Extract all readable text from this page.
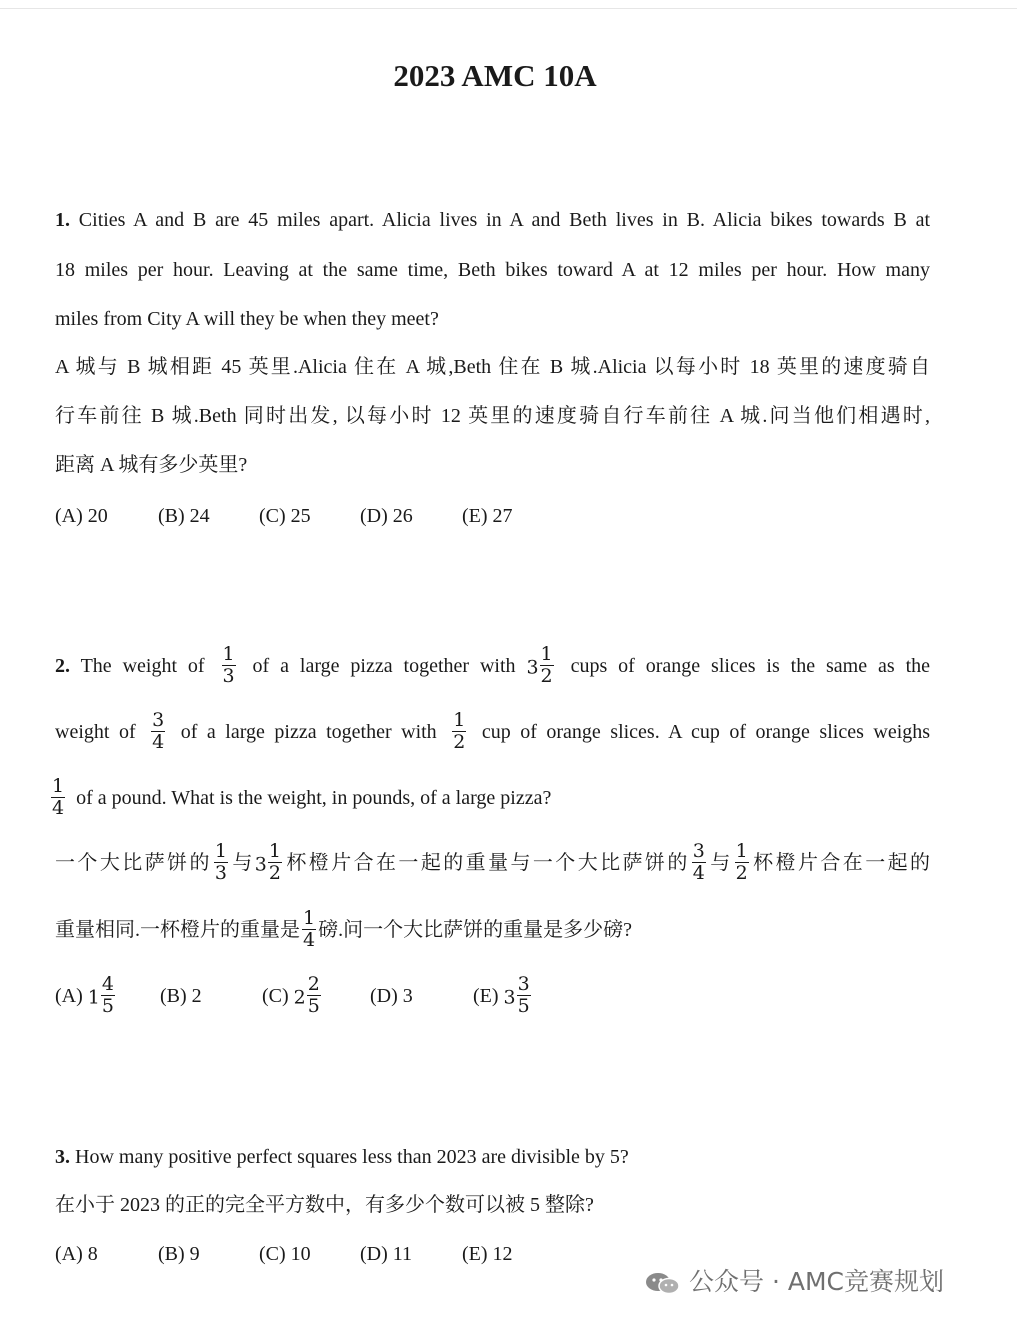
2023 AMC 10A
1. Cities A and B are 45 miles apart. Alicia lives in A and Beth lives in B. Alicia bikes towards B at
18 miles per hour. Leaving at the same time, Beth bikes toward A at 12 miles per hour. How many
miles from City A will they be when they meet?
A 城与 B 城相距 45 英里.Alicia 住在 A 城,Beth 住在 B 城.Alicia 以每小时 18 英里的速度骑自
行车前往 B 城.Beth 同时出发, 以每小时 12 英里的速度骑自行车前往 A 城.问当他们相遇时,
距离 A 城有多少英里?
(A) 20	(B) 24 (C) 25 (D) 26 (E) 27
2. The weight of $\frac{1}{3}$ of a large pizza together with $3 \frac{1}{2}$ cups of orange slices is the same as the
weight of $\frac{3}{4}$ of a large pizza together with $\frac{1}{2}$ cup of orange slices. A cup of orange slices weighs
$\frac{1}{4}$ of a pound. What is the weight, in pounds, of a large pizza?
一个大比萨饼的 $\frac{1}{3}$ 与$3 \frac{1}{2}$ 杯橙片合在一起的重量与一个大比萨饼的 $\frac{3}{4}$ 与 $\frac{1}{2}$ 杯橙片合在一起的
重量相同.一杯橙片的重量是 $\frac{1}{4}$ 磅.问一个大比萨饼的重量是多少磅?
(A) $1 \frac{4}{5} (B)$ 2	(C) $2 \frac{2}{5} (D)$ 3	(E) $3 \frac{3}{5}$
3. How many positive perfect squares less than 2023 are divisible by 5?
在小于 2023 的正的完全平方数中，有多少个数可以被 5 整除?
(A) 8	(B) 9	(C) 10 (D) 11 (E) 12
公众号 · AMC竞赛规划
